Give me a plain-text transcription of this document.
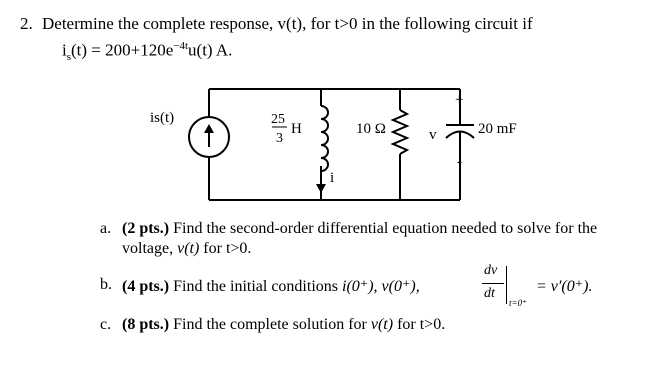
2. Determine the complete response, v(t), for t>0 in the following circuit if
$i_s(t) = 200+120e^{-4t}u(t)$ A.
is(t)	25
3
H
i
10 Ω
+
v
-
20 mF
a. (2 pts.) Find the second-order differential equation needed to solve for the
voltage, v(t) for t>0.
b. (4 pts.) Find the initial conditions i(0⁺), v(0⁺),
dv
dt
t=0⁺
= v′(0⁺).
c. (8 pts.) Find the complete solution for v(t) for t>0.
